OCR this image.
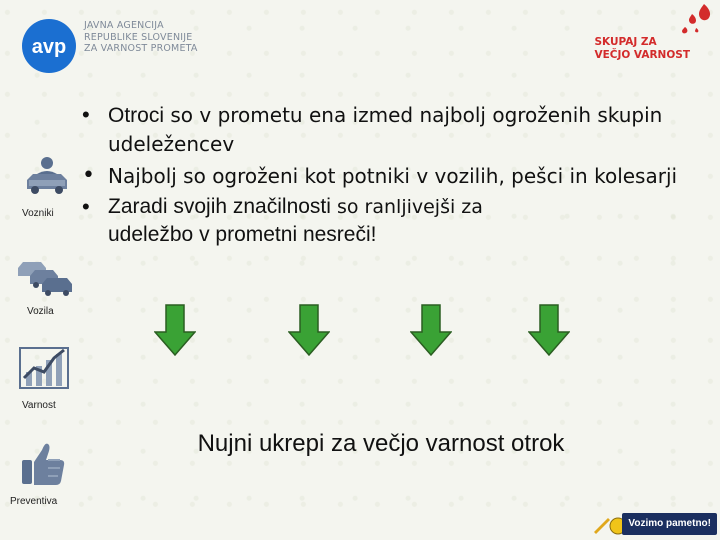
avp
JAVNA AGENCIJA
REPUBLIKE SLOVENIJE
ZA VARNOST PROMETA
SKUPAJ ZA
VEČJO VARNOST
Vozniki
Vozila
Varnost
Preventiva
• Otroci so v prometu ena izmed najbolj ogroženih skupin udeležencev
• Najbolj so ogroženi kot potniki v vozilih, pešci in kolesarji
• Zaradi svojih značilnosti so ranljivejši za
udeležbo v prometni nesreči!
Nujni ukrepi za večjo varnost otrok
Vozimo pametno!
